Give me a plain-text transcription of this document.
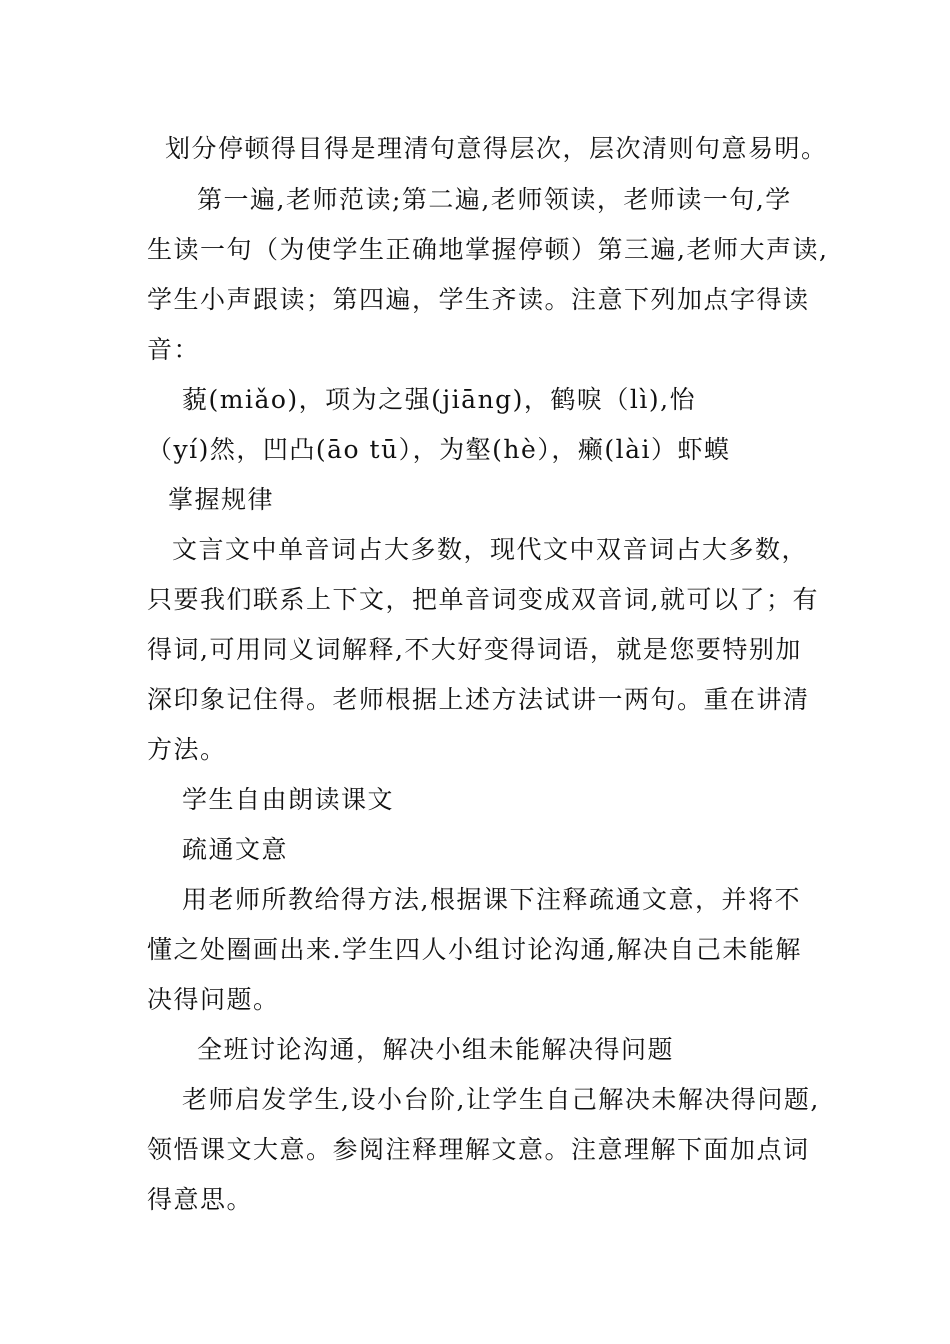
划分停顿得目得是理清句意得层次，层次清则句意易明。
第一遍,老师范读;第二遍,老师领读，老师读一句,学
生读一句（为使学生正确地掌握停顿）第三遍,老师大声读,
学生小声跟读；第四遍，学生齐读。注意下列加点字得读
音：
藐(miǎo)，项为之强(jiāng)，鹤唳（lì),怡
（yí)然，凹凸(āo tū），为壑(hè），癞(lài）虾蟆
掌握规律
文言文中单音词占大多数，现代文中双音词占大多数，
只要我们联系上下文，把单音词变成双音词,就可以了；有
得词,可用同义词解释,不大好变得词语，就是您要特别加
深印象记住得。老师根据上述方法试讲一两句。重在讲清
方法。
学生自由朗读课文
疏通文意
用老师所教给得方法,根据课下注释疏通文意，并将不
懂之处圈画出来.学生四人小组讨论沟通,解决自己未能解
决得问题。
全班讨论沟通，解决小组未能解决得问题
老师启发学生,设小台阶,让学生自己解决未解决得问题,
领悟课文大意。参阅注释理解文意。注意理解下面加点词
得意思。
